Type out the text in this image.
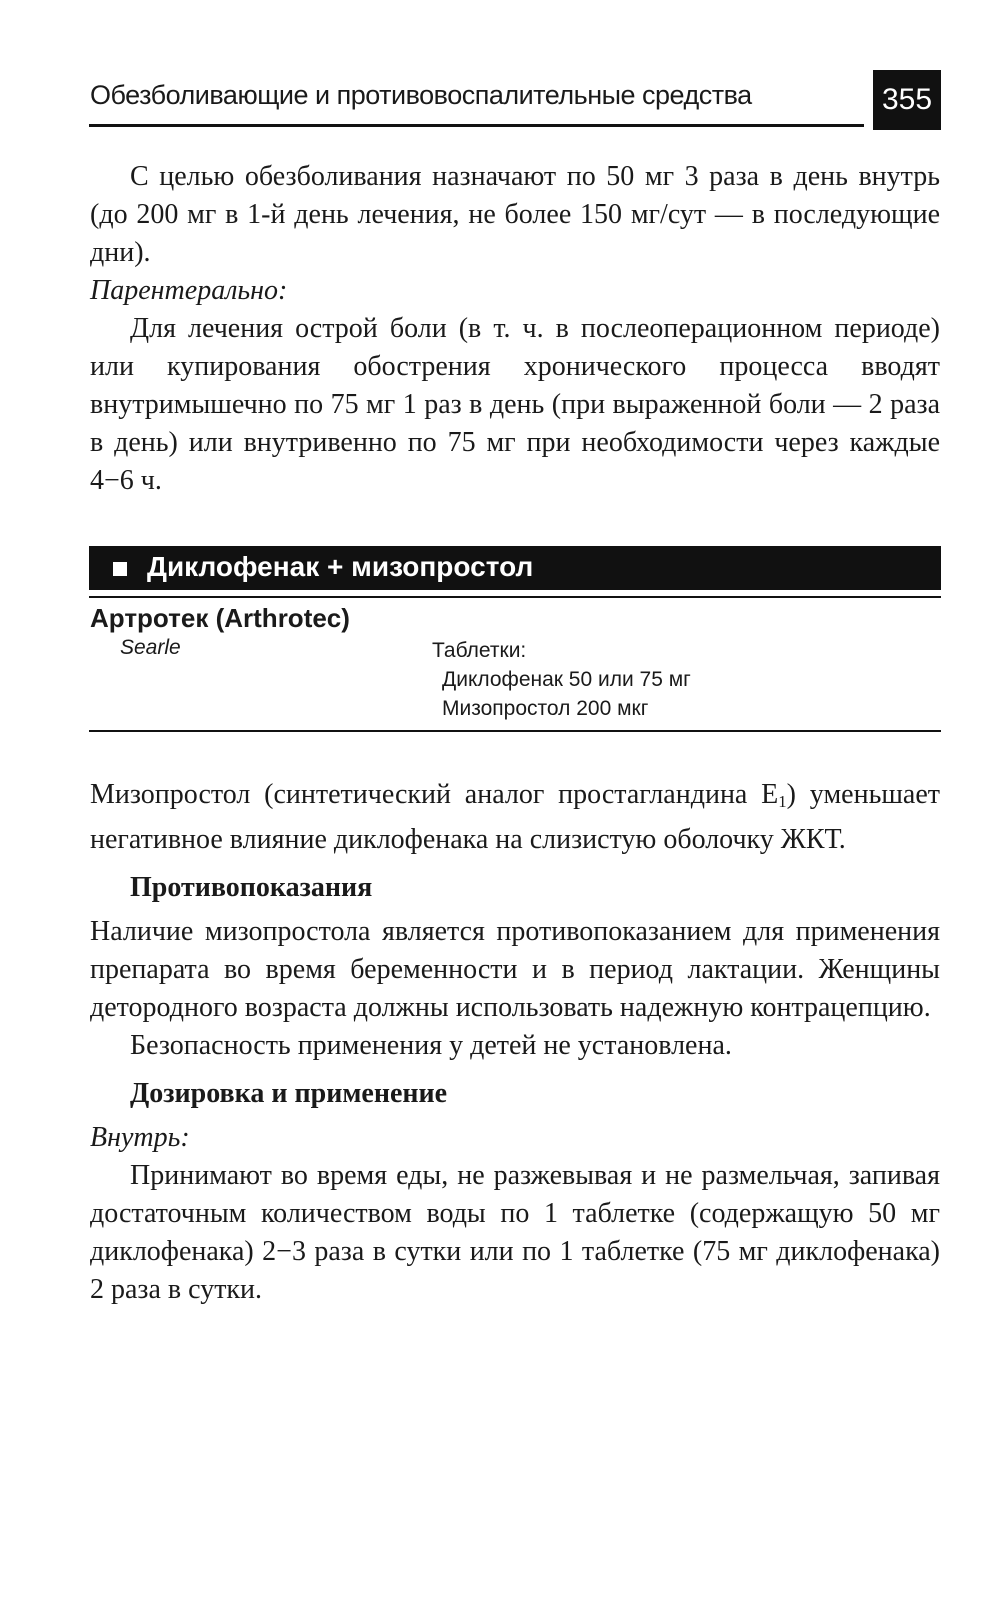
Обезболивающие и противовоспалительные средства	355

С целью обезболивания назначают по 50 мг 3 раза в день внутрь (до 200 мг в 1-й день лечения, не более 150 мг/сут — в последующие дни).

Парентерально:

Для лечения острой боли (в т. ч. в послеоперационном периоде) или купирования обострения хронического процесса вводят внутримышечно по 75 мг 1 раз в день (при выраженной боли — 2 раза в день) или внутривенно по 75 мг при необходимости через каждые 4−6 ч.

Диклофенак + мизопростол
Артротек (Arthrotec)
Searle	Таблетки:
Диклофенак 50 или 75 мг
Мизопростол 200 мкг

Мизопростол (синтетический аналог простагландина $E_1$) уменьшает негативное влияние диклофенака на слизистую оболочку ЖКТ.

Противопоказания

Наличие мизопростола является противопоказанием для применения препарата во время беременности и в период лактации. Женщины детородного возраста должны использовать надежную контрацепцию.

Безопасность применения у детей не установлена.

Дозировка и применение

Внутрь:

Принимают во время еды, не разжевывая и не размельчая, запивая достаточным количеством воды по 1 таблетке (содержащую 50 мг диклофенака) 2−3 раза в сутки или по 1 таблетке (75 мг диклофенака) 2 раза в сутки.
